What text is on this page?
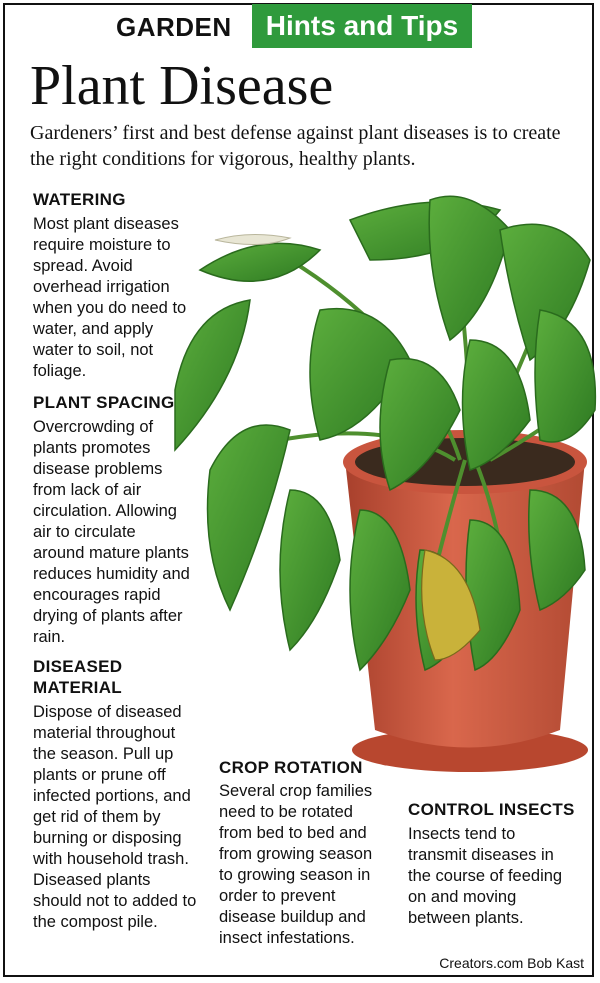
GARDEN	Hints and Tips
Plant Disease
Gardeners’ first and best defense against plant diseases is to create the right conditions for vigorous, healthy plants.
WATERING
Most plant diseases
require moisture to
spread. Avoid
overhead irrigation
when you do need to
water, and apply
water to soil, not
foliage.
PLANT SPACING
Overcrowding of
plants promotes
disease problems
from lack of air
circulation. Allowing
air to circulate
around mature plants
reduces humidity and
encourages rapid
drying of plants after
rain.
DISEASED
MATERIAL
Dispose of diseased
material throughout
the season. Pull up
plants or prune off
infected portions, and
get rid of them by
burning or disposing
with household trash.
Diseased plants
should not to added to
the compost pile.
CROP ROTATION
Several crop families
need to be rotated
from bed to bed and
from growing season
to growing season in
order to prevent
disease buildup and
insect infestations.
CONTROL INSECTS
Insects tend to
transmit diseases in
the course of feeding
on and moving
between plants.
Creators.com Bob Kast
